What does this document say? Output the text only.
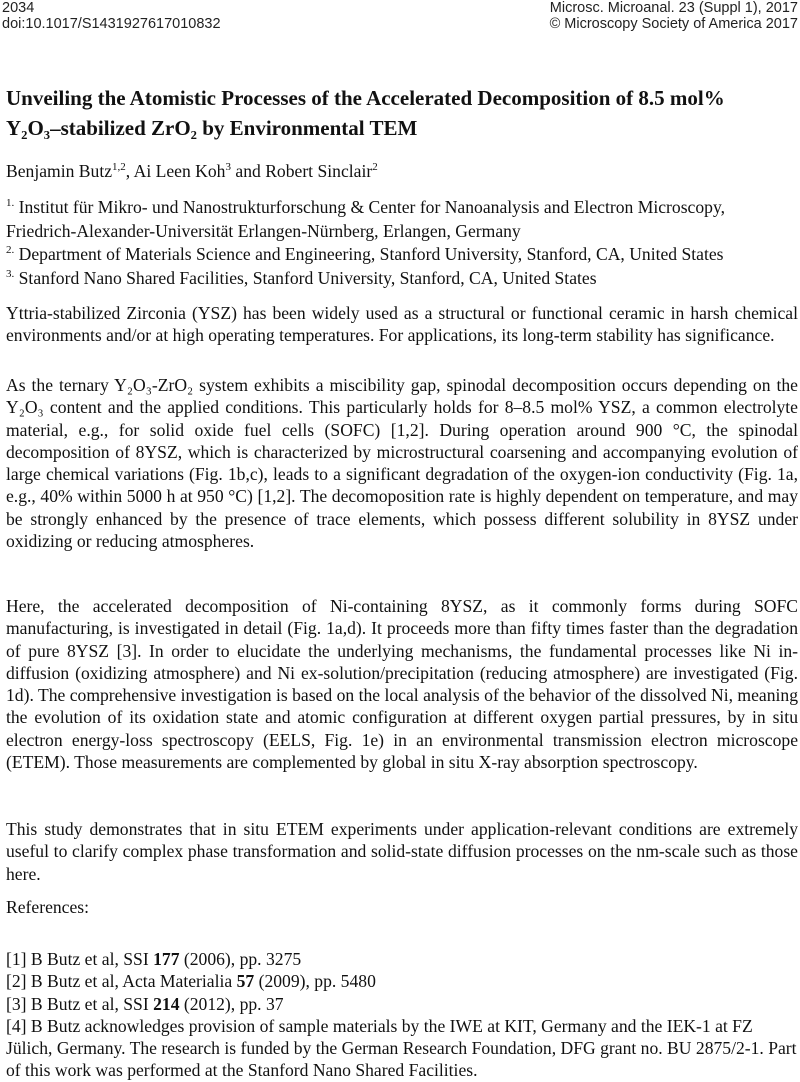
2034
doi:10.1017/S1431927617010832
Microsc. Microanal. 23 (Suppl 1), 2017
© Microscopy Society of America 2017
Unveiling the Atomistic Processes of the Accelerated Decomposition of 8.5 mol%
Y₂O₃–stabilized ZrO₂ by Environmental TEM
Benjamin Butz$^{1,2}$, Ai Leen Koh$^3$ and Robert Sinclair$^2$
$^{1.}$ Institut für Mikro- und Nanostrukturforschung & Center for Nanoanalysis and Electron Microscopy, Friedrich-Alexander-Universität Erlangen-Nürnberg, Erlangen, Germany
$^{2.}$ Department of Materials Science and Engineering, Stanford University, Stanford, CA, United States
$^{3.}$ Stanford Nano Shared Facilities, Stanford University, Stanford, CA, United States

Yttria-stabilized Zirconia (YSZ) has been widely used as a structural or functional ceramic in harsh chemical environments and/or at high operating temperatures. For applications, its long-term stability has significance.

As the ternary Y₂O₃-ZrO₂ system exhibits a miscibility gap, spinodal decomposition occurs depending on the Y₂O₃ content and the applied conditions. This particularly holds for 8–8.5 mol% YSZ, a common electrolyte material, e.g., for solid oxide fuel cells (SOFC) [1,2]. During operation around 900 °C, the spinodal decomposition of 8YSZ, which is characterized by microstructural coarsening and accompanying evolution of large chemical variations (Fig. 1b,c), leads to a significant degradation of the oxygen-ion conductivity (Fig. 1a, e.g., 40% within 5000 h at 950 °C) [1,2]. The decomoposition rate is highly dependent on temperature, and may be strongly enhanced by the presence of trace elements, which possess different solubility in 8YSZ under oxidizing or reducing atmospheres.

Here, the accelerated decomposition of Ni-containing 8YSZ, as it commonly forms during SOFC manufacturing, is investigated in detail (Fig. 1a,d). It proceeds more than fifty times faster than the degradation of pure 8YSZ [3]. In order to elucidate the underlying mechanisms, the fundamental processes like Ni in-diffusion (oxidizing atmosphere) and Ni ex-solution/precipitation (reducing atmosphere) are investigated (Fig. 1d). The comprehensive investigation is based on the local analysis of the behavior of the dissolved Ni, meaning the evolution of its oxidation state and atomic configuration at different oxygen partial pressures, by in situ electron energy-loss spectroscopy (EELS, Fig. 1e) in an environmental transmission electron microscope (ETEM). Those measurements are complemented by global in situ X-ray absorption spectroscopy.

This study demonstrates that in situ ETEM experiments under application-relevant conditions are extremely useful to clarify complex phase transformation and solid-state diffusion processes on the nm-scale such as those here.

References:
[1] B Butz et al, SSI 177 (2006), pp. 3275
[2] B Butz et al, Acta Materialia 57 (2009), pp. 5480
[3] B Butz et al, SSI 214 (2012), pp. 37
[4] B Butz acknowledges provision of sample materials by the IWE at KIT, Germany and the IEK-1 at FZ Jülich, Germany. The research is funded by the German Research Foundation, DFG grant no. BU 2875/2-1. Part of this work was performed at the Stanford Nano Shared Facilities.
